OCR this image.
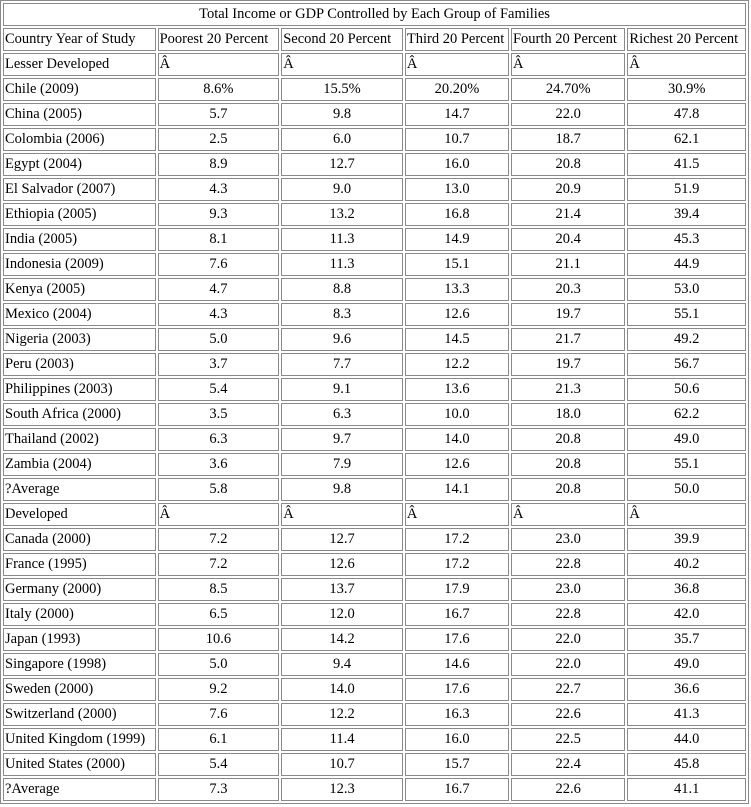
Total Income or GDP Controlled by Each Group of Families					
Country Year of Study	Poorest 20 Percent	Second 20 Percent	Third 20 Percent	Fourth 20 Percent	Richest 20 Percent
Lesser Developed	Â	Â	Â	Â	Â
Chile (2009)	8.6%	15.5%	20.20%	24.70%	30.9%
China (2005)	5.7	9.8	14.7	22.0	47.8
Colombia (2006)	2.5	6.0	10.7	18.7	62.1
Egypt (2004)	8.9	12.7	16.0	20.8	41.5
El Salvador (2007)	4.3	9.0	13.0	20.9	51.9
Ethiopia (2005)	9.3	13.2	16.8	21.4	39.4
India (2005)	8.1	11.3	14.9	20.4	45.3
Indonesia (2009)	7.6	11.3	15.1	21.1	44.9
Kenya (2005)	4.7	8.8	13.3	20.3	53.0
Mexico (2004)	4.3	8.3	12.6	19.7	55.1
Nigeria (2003)	5.0	9.6	14.5	21.7	49.2
Peru (2003)	3.7	7.7	12.2	19.7	56.7
Philippines (2003)	5.4	9.1	13.6	21.3	50.6
South Africa (2000)	3.5	6.3	10.0	18.0	62.2
Thailand (2002)	6.3	9.7	14.0	20.8	49.0
Zambia (2004)	3.6	7.9	12.6	20.8	55.1
?Average	5.8	9.8	14.1	20.8	50.0
Developed	Â	Â	Â	Â	Â
Canada (2000)	7.2	12.7	17.2	23.0	39.9
France (1995)	7.2	12.6	17.2	22.8	40.2
Germany (2000)	8.5	13.7	17.9	23.0	36.8
Italy (2000)	6.5	12.0	16.7	22.8	42.0
Japan (1993)	10.6	14.2	17.6	22.0	35.7
Singapore (1998)	5.0	9.4	14.6	22.0	49.0
Sweden (2000)	9.2	14.0	17.6	22.7	36.6
Switzerland (2000)	7.6	12.2	16.3	22.6	41.3
United Kingdom (1999)	6.1	11.4	16.0	22.5	44.0
United States (2000)	5.4	10.7	15.7	22.4	45.8
?Average	7.3	12.3	16.7	22.6	41.1
